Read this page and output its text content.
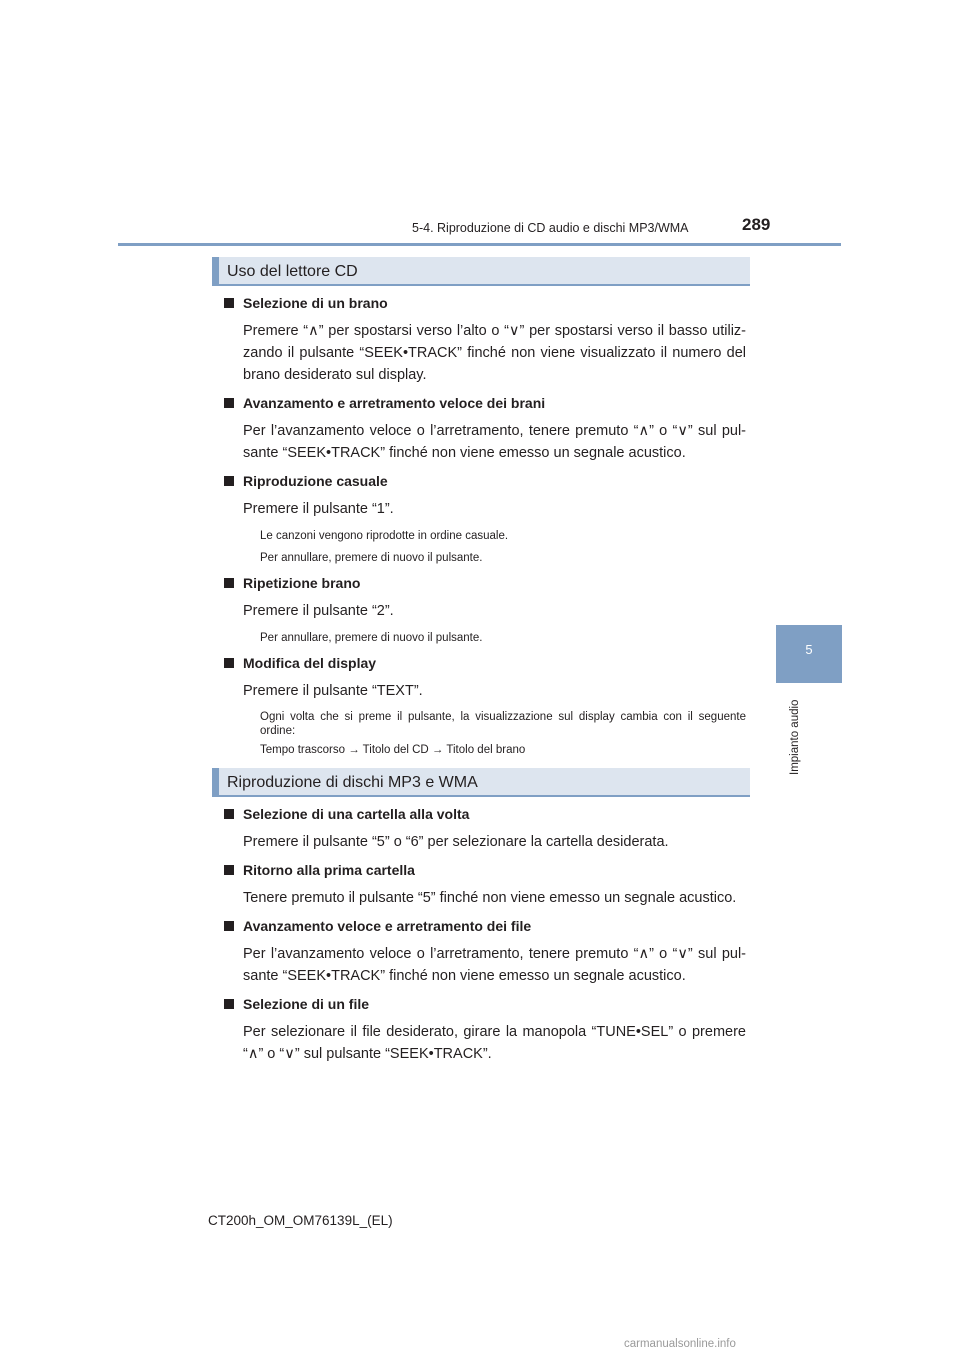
5-4. Riproduzione di CD audio e dischi MP3/WMA	289
5
Impianto audio
Uso del lettore CD

Selezione di un brano

Premere “∧” per spostarsi verso l’alto o “∨” per spostarsi verso il basso utiliz-zando il pulsante “SEEK•TRACK” finché non viene visualizzato il numero del brano desiderato sul display.

Avanzamento e arretramento veloce dei brani

Per l’avanzamento veloce o l’arretramento, tenere premuto “∧” o “∨” sul pul-sante “SEEK•TRACK” finché non viene emesso un segnale acustico.

Riproduzione casuale

Premere il pulsante “1”.

Le canzoni vengono riprodotte in ordine casuale.

Per annullare, premere di nuovo il pulsante.

Ripetizione brano

Premere il pulsante “2”.

Per annullare, premere di nuovo il pulsante.

Modifica del display

Premere il pulsante “TEXT”.

Ogni volta che si preme il pulsante, la visualizzazione sul display cambia con il seguente ordine:

Tempo trascorso → Titolo del CD → Titolo del brano

Riproduzione di dischi MP3 e WMA

Selezione di una cartella alla volta

Premere il pulsante “5” o “6” per selezionare la cartella desiderata.

Ritorno alla prima cartella

Tenere premuto il pulsante “5” finché non viene emesso un segnale acustico.

Avanzamento veloce e arretramento dei file

Per l’avanzamento veloce o l’arretramento, tenere premuto “∧” o “∨” sul pul-sante “SEEK•TRACK” finché non viene emesso un segnale acustico.

Selezione di un file

Per selezionare il file desiderato, girare la manopola “TUNE•SEL” o premere “∧” o “∨” sul pulsante “SEEK•TRACK”.

CT200h_OM_OM76139L_(EL)
carmanualsonline.info
